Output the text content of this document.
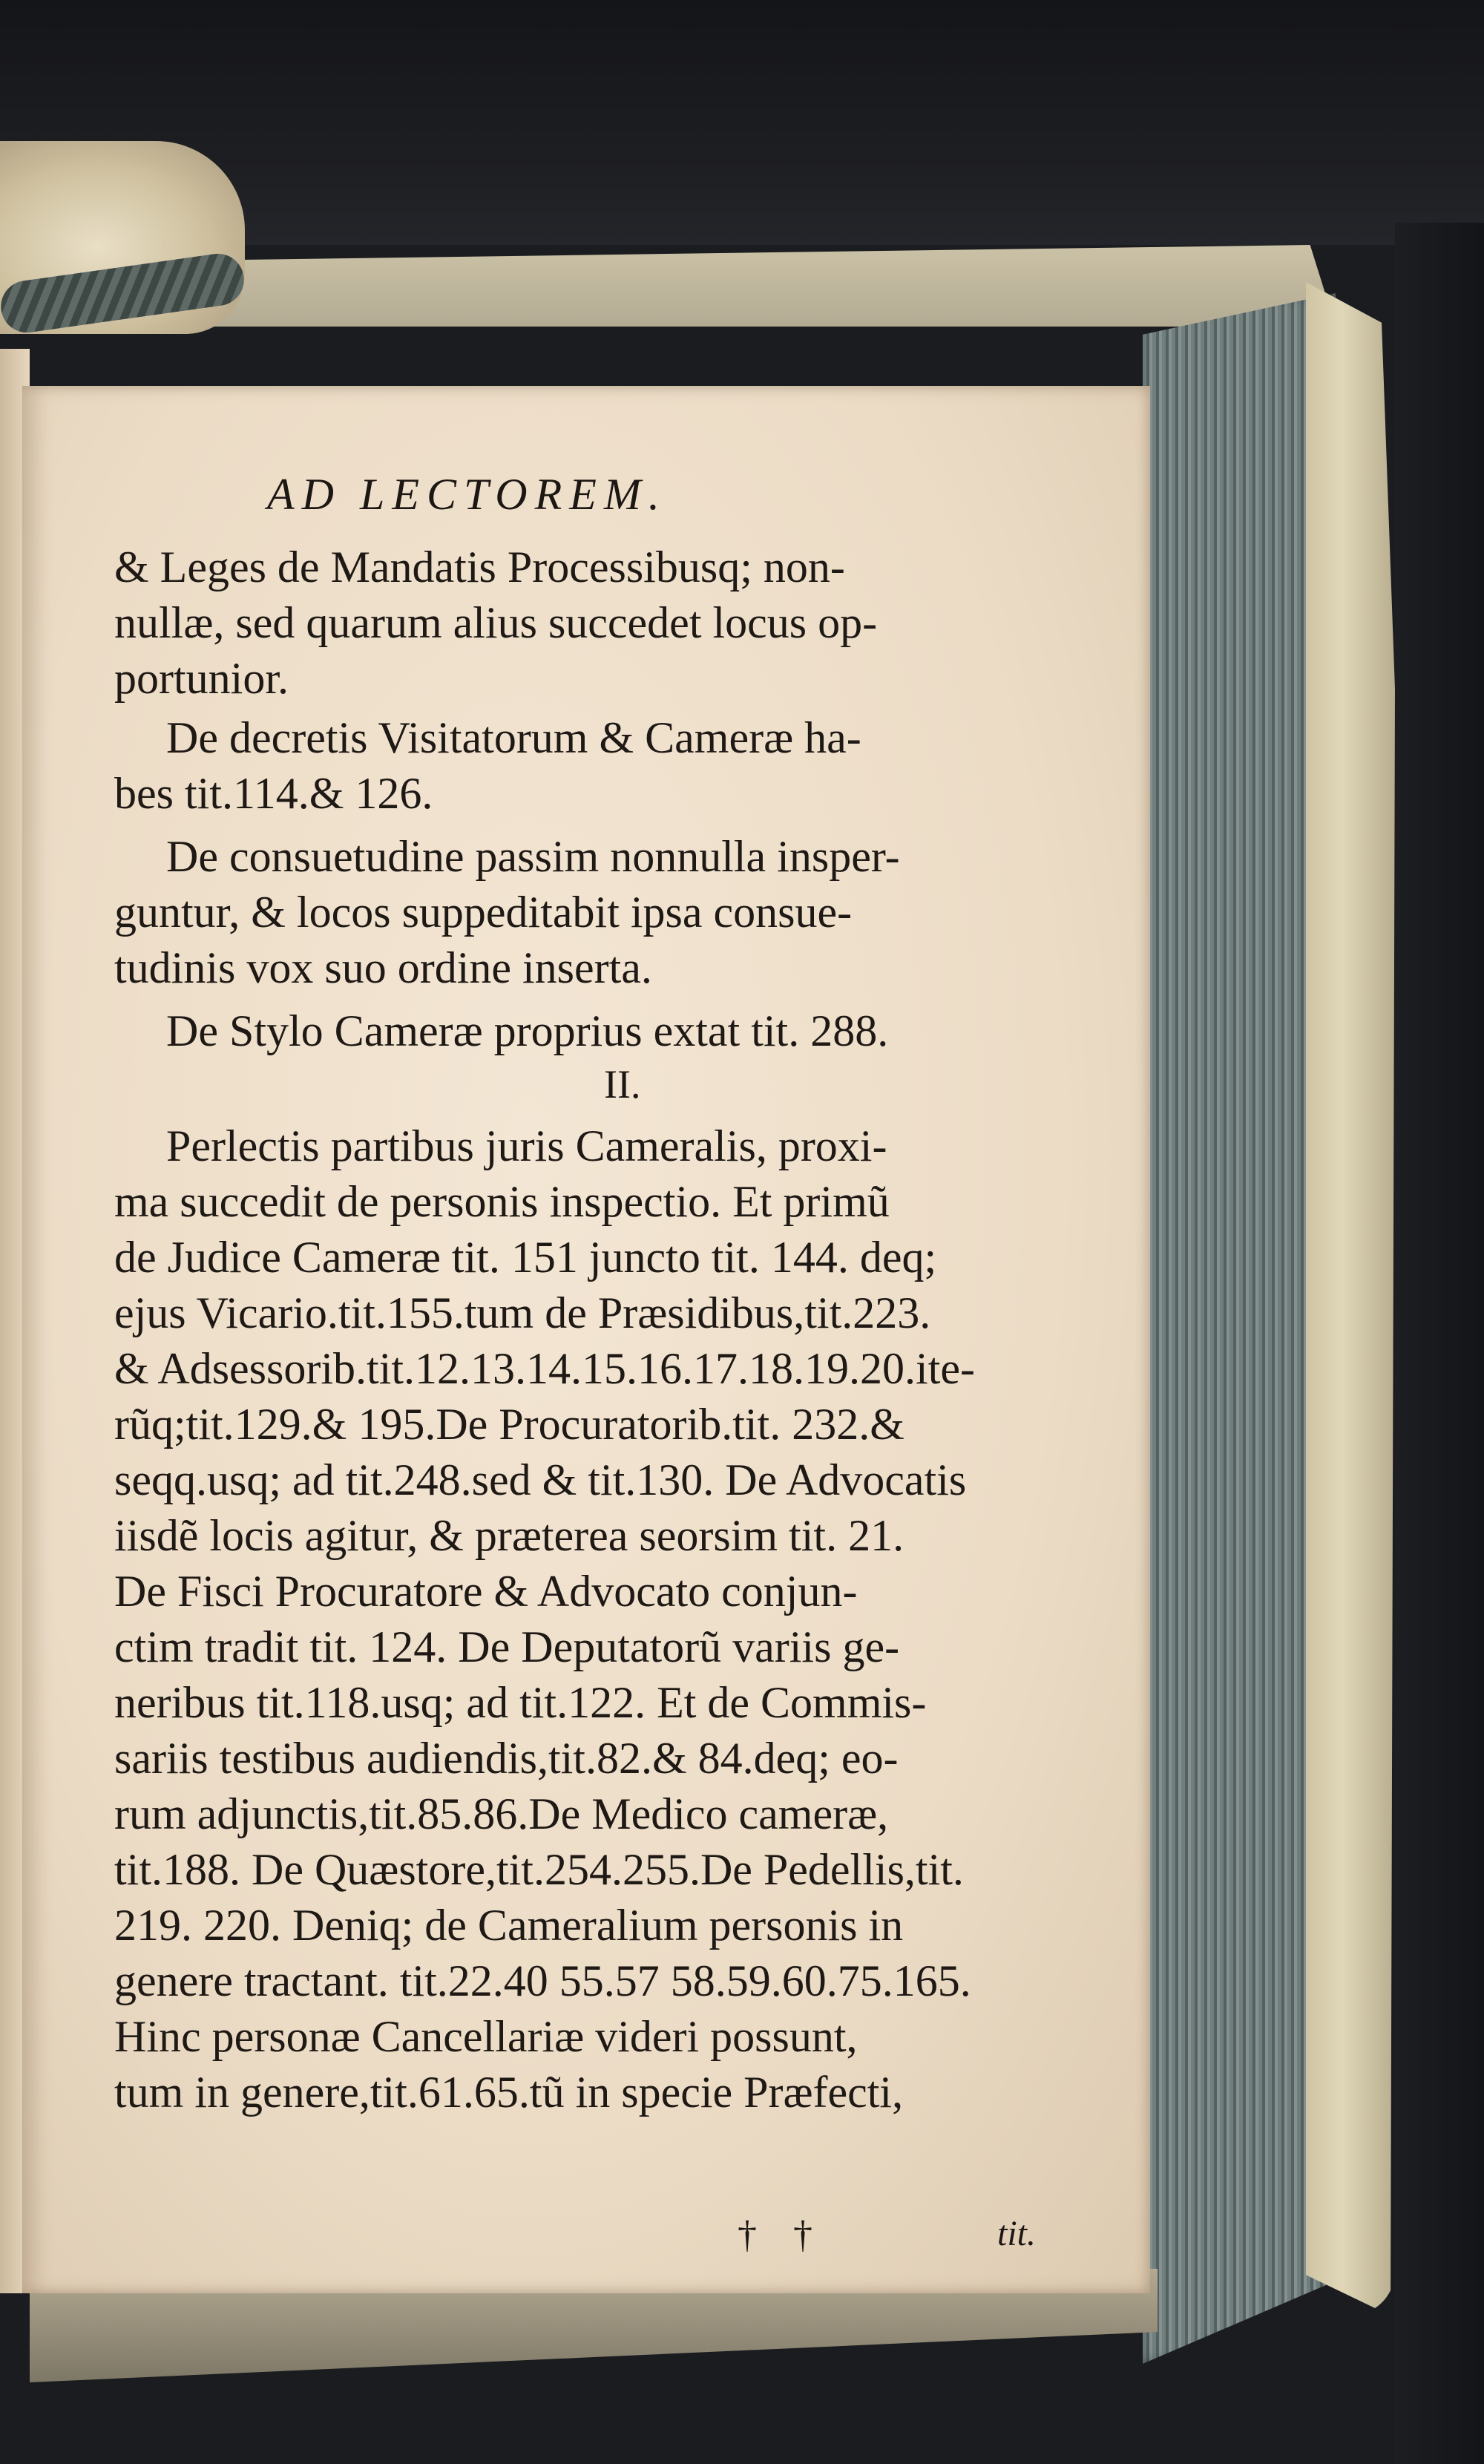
AD LECTOREM.
& Leges de Mandatis Processibusq; non-
nullæ, sed quarum alius succedet locus op-
portunior.
De decretis Visitatorum & Cameræ ha-
bes tit.114.& 126.
De consuetudine passim nonnulla insper-
guntur, & locos suppeditabit ipsa consue-
tudinis vox suo ordine inserta.
De Stylo Cameræ proprius extat tit. 288.
Perlectis partibus juris Cameralis, proxi-
ma succedit de personis inspectio. Et primũ
de Judice Cameræ tit. 151 juncto tit. 144. deq;
ejus Vicario.tit.155.tum de Præsidibus,tit.223.
& Adsessorib.tit.12.13.14.15.16.17.18.19.20.ite-
rũq;tit.129.& 195.De Procuratorib.tit. 232.&
seqq.usq; ad tit.248.sed & tit.130. De Advocatis
iisdẽ locis agitur, & præterea seorsim tit. 21.
De Fisci Procuratore & Advocato conjun-
ctim tradit tit. 124. De Deputatorũ variis ge-
neribus tit.118.usq; ad tit.122. Et de Commis-
sariis testibus audiendis,tit.82.& 84.deq; eo-
rum adjunctis,tit.85.86.De Medico cameræ,
tit.188. De Quæstore,tit.254.255.De Pedellis,tit.
219. 220. Deniq; de Cameralium personis in
genere tractant. tit.22.40 55.57 58.59.60.75.165.
Hinc personæ Cancellariæ videri possunt,
tum in genere,tit.61.65.tũ in specie Præfecti,
II.
† †	tit.
